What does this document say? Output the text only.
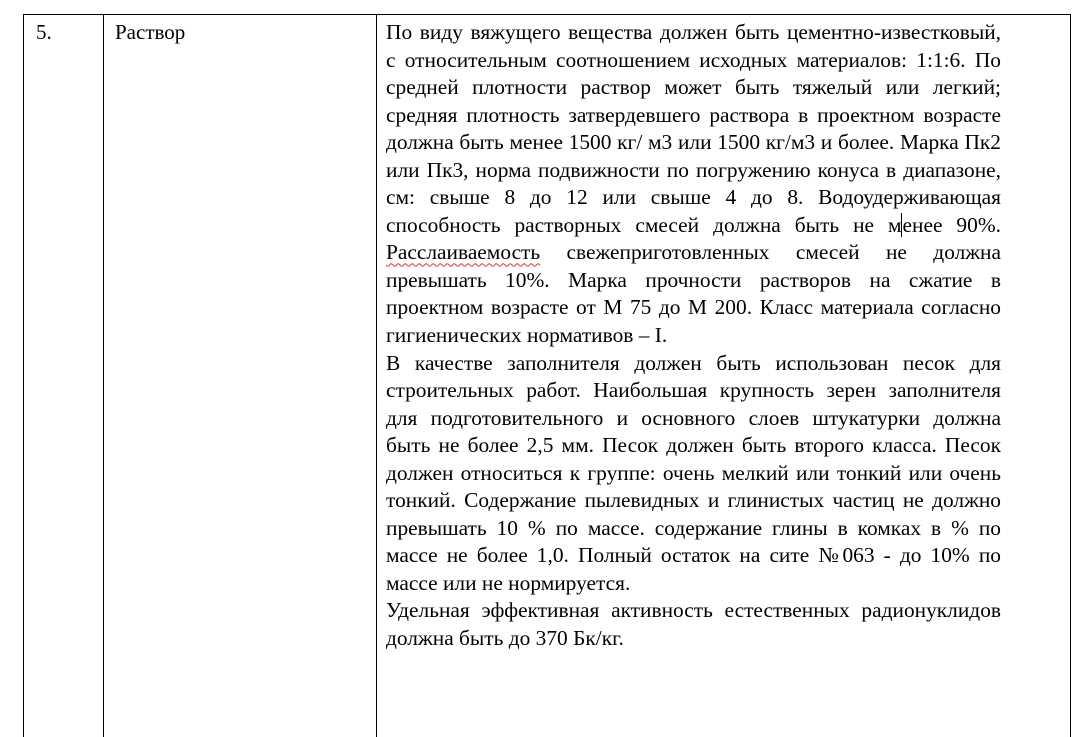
5.	Раствор	По виду вяжущего вещества должен быть цементно-известковый, с относительным соотношением исходных материалов: 1:1:6. По средней плотности раствор может быть тяжелый или легкий; средняя плотность затвердевшего раствора в проектном возрасте должна быть менее 1500 кг/ м3 или 1500 кг/м3 и более. Марка Пк2 или Пк3, норма подвижности по погружению конуса в диапазоне, см: свыше 8 до 12 или свыше 4 до 8. Водоудерживающая способность растворных смесей должна быть не менее 90%. Расслаиваемость свежеприготовленных смесей не должна превышать 10%. Марка прочности растворов на сжатие в проектном возрасте от М 75 до М 200. Класс материала согласно гигиенических нормативов – I.

В качестве заполнителя должен быть использован песок для строительных работ. Наибольшая крупность зерен заполнителя для подготовительного и основного слоев штукатурки должна быть не более 2,5 мм. Песок должен быть второго класса. Песок должен относиться к группе: очень мелкий или тонкий или очень тонкий. Содержание пылевидных и глинистых частиц не должно превышать 10 % по массе. содержание глины в комках в % по массе не более 1,0. Полный остаток на сите №063 - до 10% по массе или не нормируется.

Удельная эффективная активность естественных радионуклидов должна быть до 370 Бк/кг.
